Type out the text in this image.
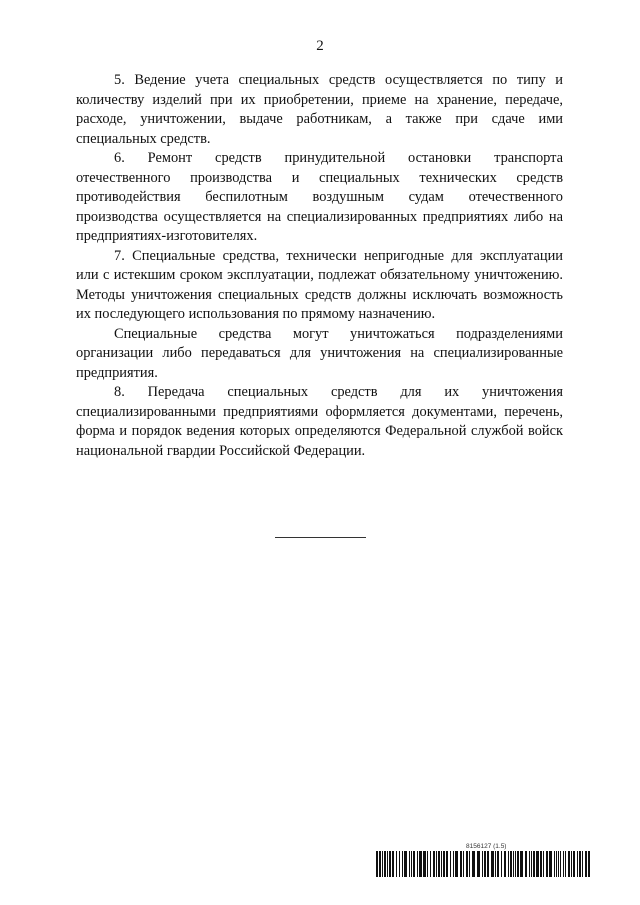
2

5. Ведение учета специальных средств осуществляется по типу и количеству изделий при их приобретении, приеме на хранение, передаче, расходе, уничтожении, выдаче работникам, а также при сдаче ими специальных средств.

6. Ремонт средств принудительной остановки транспорта отечественного производства и специальных технических средств противодействия беспилотным воздушным судам отечественного производства осуществляется на специализированных предприятиях либо на предприятиях-изготовителях.

7. Специальные средства, технически непригодные для эксплуатации или с истекшим сроком эксплуатации, подлежат обязательному уничтожению. Методы уничтожения специальных средств должны исключать возможность их последующего использования по прямому назначению.

Специальные средства могут уничтожаться подразделениями организации либо передаваться для уничтожения на специализированные предприятия.

8. Передача специальных средств для их уничтожения специализированными предприятиями оформляется документами, перечень, форма и порядок ведения которых определяются Федеральной службой войск национальной гвардии Российской Федерации.

8156127 (1.5)
